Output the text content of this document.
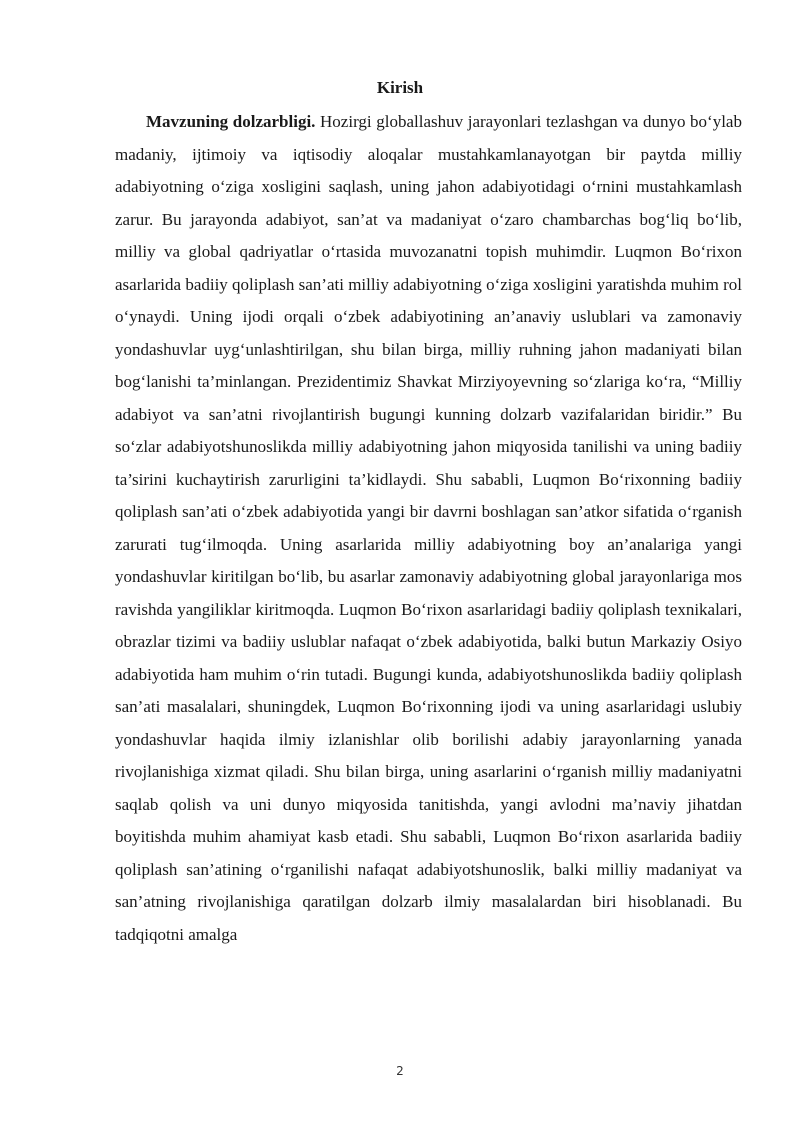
Kirish

Mavzuning dolzarbligi. Hozirgi globallashuv jarayonlari tezlashgan va dunyo boʻylab madaniy, ijtimoiy va iqtisodiy aloqalar mustahkamlanayotgan bir paytda milliy adabiyotning oʻziga xosligini saqlash, uning jahon adabiyotidagi oʻrnini mustahkamlash zarur. Bu jarayonda adabiyot, san’at va madaniyat oʻzaro chambarchas bogʻliq boʻlib, milliy va global qadriyatlar oʻrtasida muvozanatni topish muhimdir. Luqmon Boʻrixon asarlarida badiiy qoliplash san’ati milliy adabiyotning oʻziga xosligini yaratishda muhim rol oʻynaydi. Uning ijodi orqali oʻzbek adabiyotining an’anaviy uslublari va zamonaviy yondashuvlar uygʻunlashtirilgan, shu bilan birga, milliy ruhning jahon madaniyati bilan bogʻlanishi ta’minlangan. Prezidentimiz Shavkat Mirziyoyevning soʻzlariga koʻra, “Milliy adabiyot va san’atni rivojlantirish bugungi kunning dolzarb vazifalaridan biridir.” Bu soʻzlar adabiyotshunoslikda milliy adabiyotning jahon miqyosida tanilishi va uning badiiy ta’sirini kuchaytirish zarurligini ta’kidlaydi. Shu sababli, Luqmon Boʻrixonning badiiy qoliplash san’ati oʻzbek adabiyotida yangi bir davrni boshlagan san’atkor sifatida oʻrganish zarurati tugʻilmoqda. Uning asarlarida milliy adabiyotning boy an’analariga yangi yondashuvlar kiritilgan boʻlib, bu asarlar zamonaviy adabiyotning global jarayonlariga mos ravishda yangiliklar kiritmoqda. Luqmon Boʻrixon asarlaridagi badiiy qoliplash texnikalari, obrazlar tizimi va badiiy uslublar nafaqat oʻzbek adabiyotida, balki butun Markaziy Osiyo adabiyotida ham muhim oʻrin tutadi. Bugungi kunda, adabiyotshunoslikda badiiy qoliplash san’ati masalalari, shuningdek, Luqmon Boʻrixonning ijodi va uning asarlaridagi uslubiy yondashuvlar haqida ilmiy izlanishlar olib borilishi adabiy jarayonlarning yanada rivojlanishiga xizmat qiladi. Shu bilan birga, uning asarlarini oʻrganish milliy madaniyatni saqlab qolish va uni dunyo miqyosida tanitishda, yangi avlodni ma’naviy jihatdan boyitishda muhim ahamiyat kasb etadi. Shu sababli, Luqmon Boʻrixon asarlarida badiiy qoliplash san’atining oʻrganilishi nafaqat adabiyotshunoslik, balki milliy madaniyat va san’atning rivojlanishiga qaratilgan dolzarb ilmiy masalalardan biri hisoblanadi. Bu tadqiqotni amalga

2
